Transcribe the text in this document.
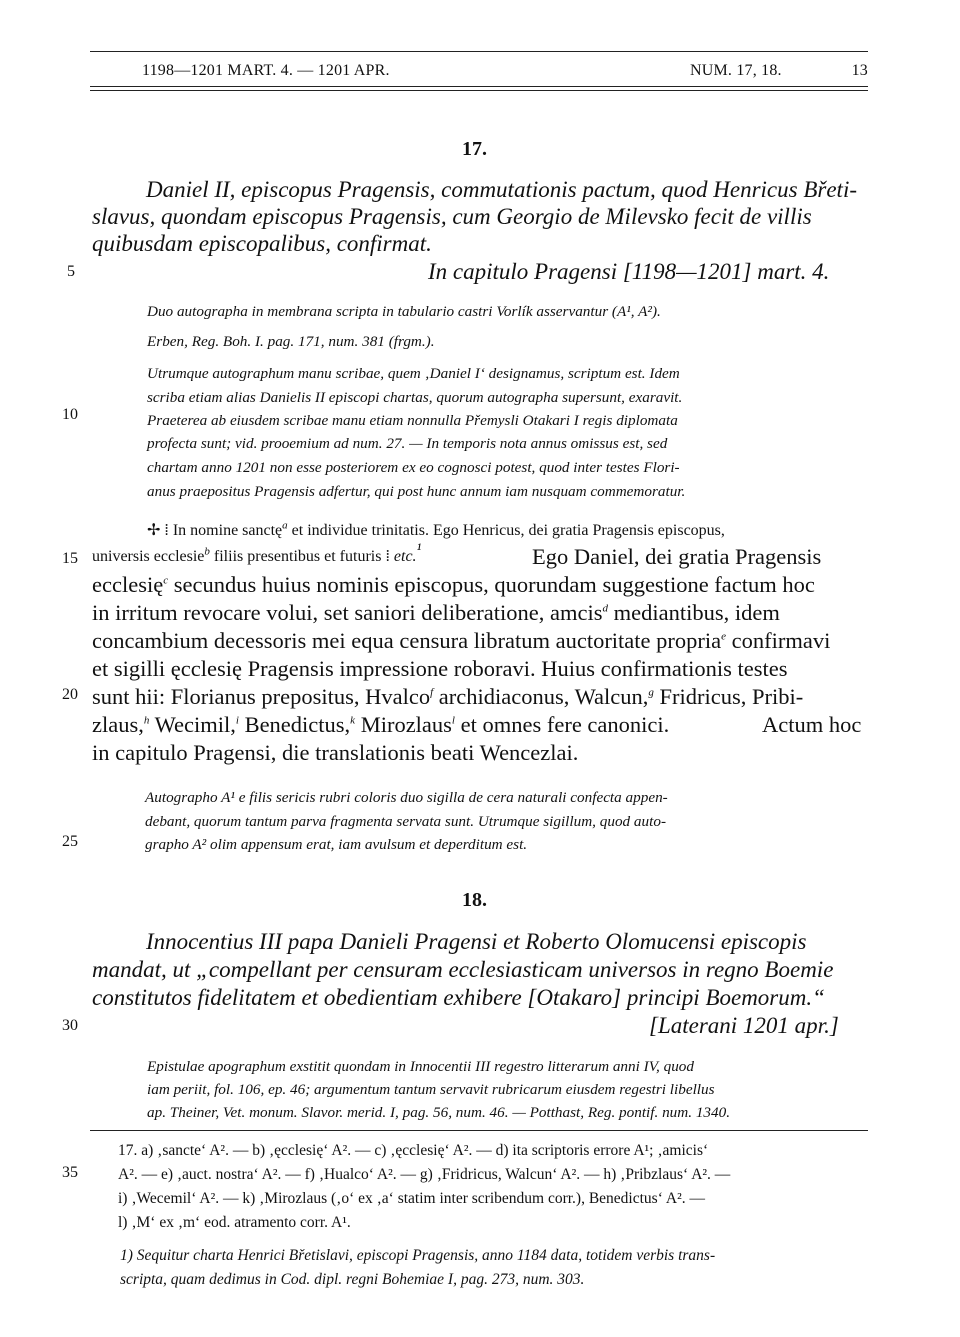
1198—1201 MART. 4. — 1201 APR.	NUM. 17, 18.	13
5
10
15
20
25
30
35
17.
Daniel II, episcopus Pragensis, commutationis pactum, quod Henricus Břeti-
slavus, quondam episcopus Pragensis, cum Georgio de Milevsko fecit de villis
quibusdam episcopalibus, confirmat.
In capitulo Pragensi [1198—1201] mart. 4.
Duo autographa in membrana scripta in tabulario castri Vorlík asservantur (A¹, A²).
Erben, Reg. Boh. I. pag. 171, num. 381 (frgm.).
Utrumque autographum manu scribae, quem ‚Daniel I‘ designamus, scriptum est. Idem
scriba etiam alias Danielis II episcopi chartas, quorum autographa supersunt, exaravit.
Praeterea ab eiusdem scribae manu etiam nonnulla Přemysli Otakari I regis diplomata
profecta sunt; vid. prooemium ad num. 27. — In temporis nota annus omissus est, sed
chartam anno 1201 non esse posteriorem ex eo cognosci potest, quod inter testes Flori-
anus praepositus Pragensis adfertur, qui post hunc annum iam nusquam commemoratur.
✢ ⁞ In nomine sanctę$^a$ et individue trinitatis. Ego Henricus, dei gratia Pragensis episcopus,
universis ecclesie$^b$ filiis presentibus et futuris ⁞ etc.$^{^1}$	Ego Daniel, dei gratia Pragensis
ecclesię$^c$ secundus huius nominis episcopus, quorundam suggestione factum hoc
in irritum revocare volui, set saniori deliberatione, amcis$^d$ mediantibus, idem
concambium decessoris mei equa censura libratum auctoritate propria$^e$ confirmavi
et sigilli ęcclesię Pragensis impressione roboravi. Huius confirmationis testes
sunt hii: Florianus prepositus, Hvalco$^f$ archidiaconus, Walcun,$^g$ Fridricus, Pribi-
zlaus,$^h$ Wecimil,$^i$ Benedictus,$^k$ Mirozlaus$^l$ et omnes fere canonici.	Actum hoc
in capitulo Pragensi, die translationis beati Wencezlai.
Autographo A¹ e filis sericis rubri coloris duo sigilla de cera naturali confecta appen-
debant, quorum tantum parva fragmenta servata sunt. Utrumque sigillum, quod auto-
grapho A² olim appensum erat, iam avulsum et deperditum est.
18.
Innocentius III papa Danieli Pragensi et Roberto Olomucensi episcopis
mandat, ut „compellant per censuram ecclesiasticam universos in regno Boemie
constitutos fidelitatem et obedientiam exhibere [Otakaro] principi Boemorum.“
[Laterani 1201 apr.]
Epistulae apographum exstitit quondam in Innocentii III regestro litterarum anni IV, quod
iam periit, fol. 106, ep. 46; argumentum tantum servavit rubricarum eiusdem regestri libellus
ap. Theiner, Vet. monum. Slavor. merid. I, pag. 56, num. 46. — Potthast, Reg. pontif. num. 1340.
17. a) ‚sancte‘ A². — b) ‚ęcclesię‘ A². — c) ‚ęcclesię‘ A². — d) ita scriptoris errore A¹; ‚amicis‘
A². — e) ‚auct. nostra‘ A². — f) ‚Hualco‘ A². — g) ‚Fridricus, Walcun‘ A². — h) ‚Pribzlaus‘ A². —
i) ‚Wecemil‘ A². — k) ‚Mirozlaus (‚o‘ ex ‚a‘ statim inter scribendum corr.), Benedictus‘ A². —
l) ‚M‘ ex ‚m‘ eod. atramento corr. A¹.
1) Sequitur charta Henrici Břetislavi, episcopi Pragensis, anno 1184 data, totidem verbis trans-
scripta, quam dedimus in Cod. dipl. regni Bohemiae I, pag. 273, num. 303.
